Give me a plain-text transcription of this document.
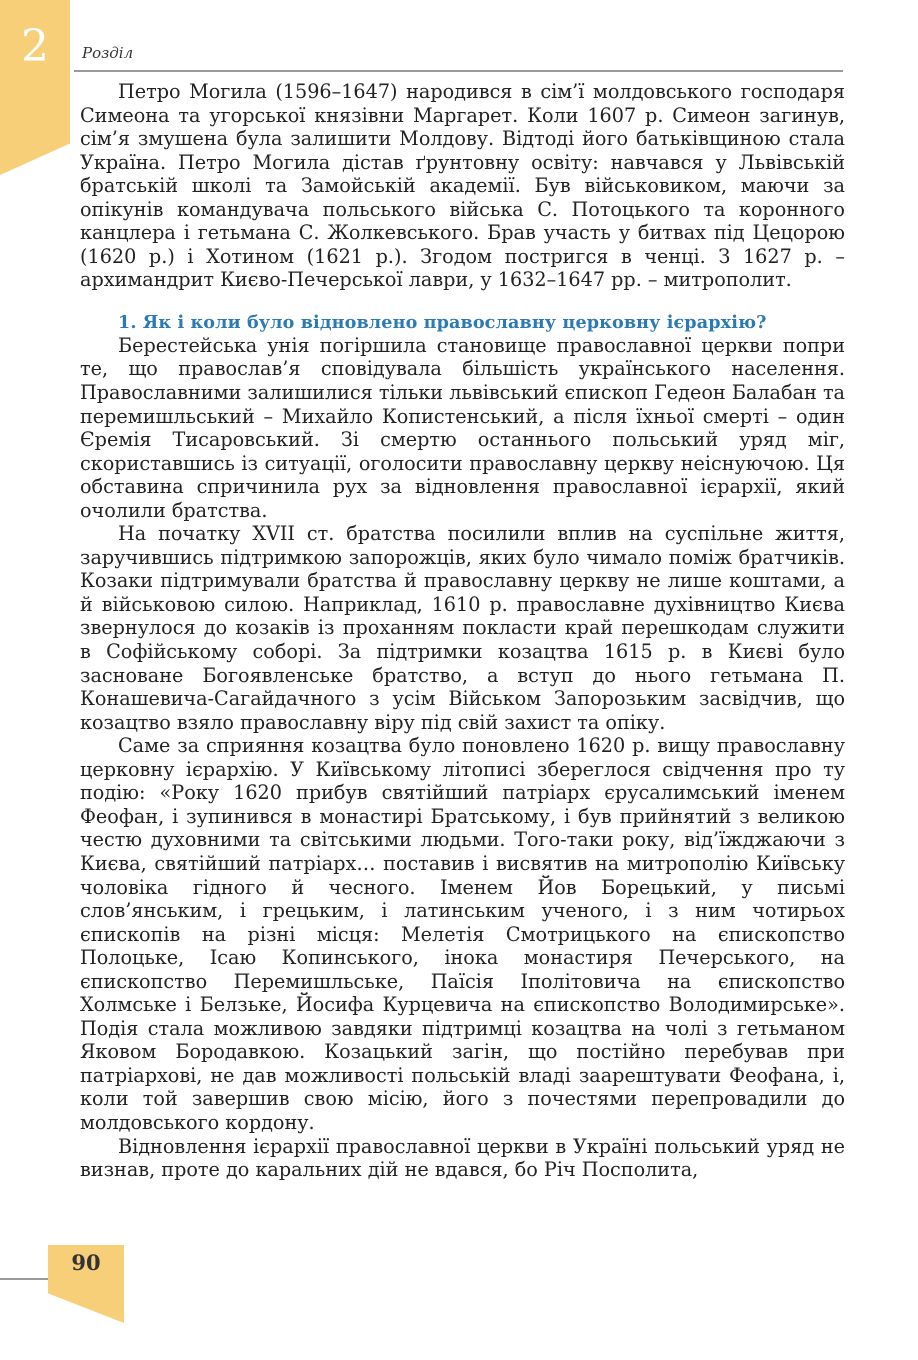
2	Розділ

Петро Могила (1596–1647) народився в сім’ї молдовського господаря Симеона та угорської князівни Маргарет. Коли 1607 р. Симеон загинув, сім’я змушена була залишити Молдову. Відтоді його батьківщиною стала Україна. Петро Могила дістав ґрунтовну освіту: навчався у Львівській братській школі та Замойській академії. Був військовиком, маючи за опікунів командувача польського війська С. Потоцького та коронного канцлера і гетьмана С. Жолкевського. Брав участь у битвах під Цецорою (1620 р.) і Хотином (1621 р.). Згодом постригся в ченці. З 1627 р. – архимандрит Києво-Печерської лаври, у 1632–1647 рр. – митрополит.

1. Як і коли було відновлено православну церковну ієрархію?

Берестейська унія погіршила становище православної церкви попри те, що православ’я сповідувала більшість українського населення. Православними залишилися тільки львівський єпископ Гедеон Балабан та перемишльський – Михайло Копистенський, а після їхньої смерті – один Єремія Тисаровський. Зі смертю останнього польський уряд міг, скориставшись із ситуації, оголосити православну церкву неіснуючою. Ця обставина спричинила рух за відновлення православної ієрархії, який очолили братства.

На початку XVII ст. братства посилили вплив на суспільне життя, заручившись підтримкою запорожців, яких було чимало поміж братчиків. Козаки підтримували братства й православну церкву не лише коштами, а й військовою силою. Наприклад, 1610 р. православне духівництво Києва звернулося до козаків із проханням покласти край перешкодам служити в Софійському соборі. За підтримки козацтва 1615 р. в Києві було засноване Богоявленське братство, а вступ до нього гетьмана П. Конашевича-Сагайдачного з усім Військом Запорозьким засвідчив, що козацтво взяло православну віру під свій захист та опіку.

Саме за сприяння козацтва було поновлено 1620 р. вищу православну церковну ієрархію. У Київському літописі збереглося свідчення про ту подію: «Року 1620 прибув святійший патріарх єрусалимський іменем Феофан, і зупинився в монастирі Братському, і був прийнятий з великою честю духовними та світськими людьми. Того-таки року, від’їжджаючи з Києва, святійший патріарх… поставив і висвятив на митрополію Київську чоловіка гідного й чесного. Іменем Йов Борецький, у письмі слов’янським, і грецьким, і латинським ученого, і з ним чотирьох єпископів на різні місця: Мелетія Смотрицького на єпископство Полоцьке, Ісаю Копинського, інока монастиря Печерського, на єпископство Перемишльське, Паїсія Іполітовича на єпископство Холмське і Белзьке, Йосифа Курцевича на єпископство Володимирське». Подія стала можливою завдяки підтримці козацтва на чолі з гетьманом Яковом Бородавкою. Козацький загін, що постійно перебував при патріархові, не дав можливості польській владі заарештувати Феофана, і, коли той завершив свою місію, його з почестями перепровадили до молдовського кордону.

Відновлення ієрархії православної церкви в Україні польський уряд не визнав, проте до каральних дій не вдався, бо Річ Посполита,

90
